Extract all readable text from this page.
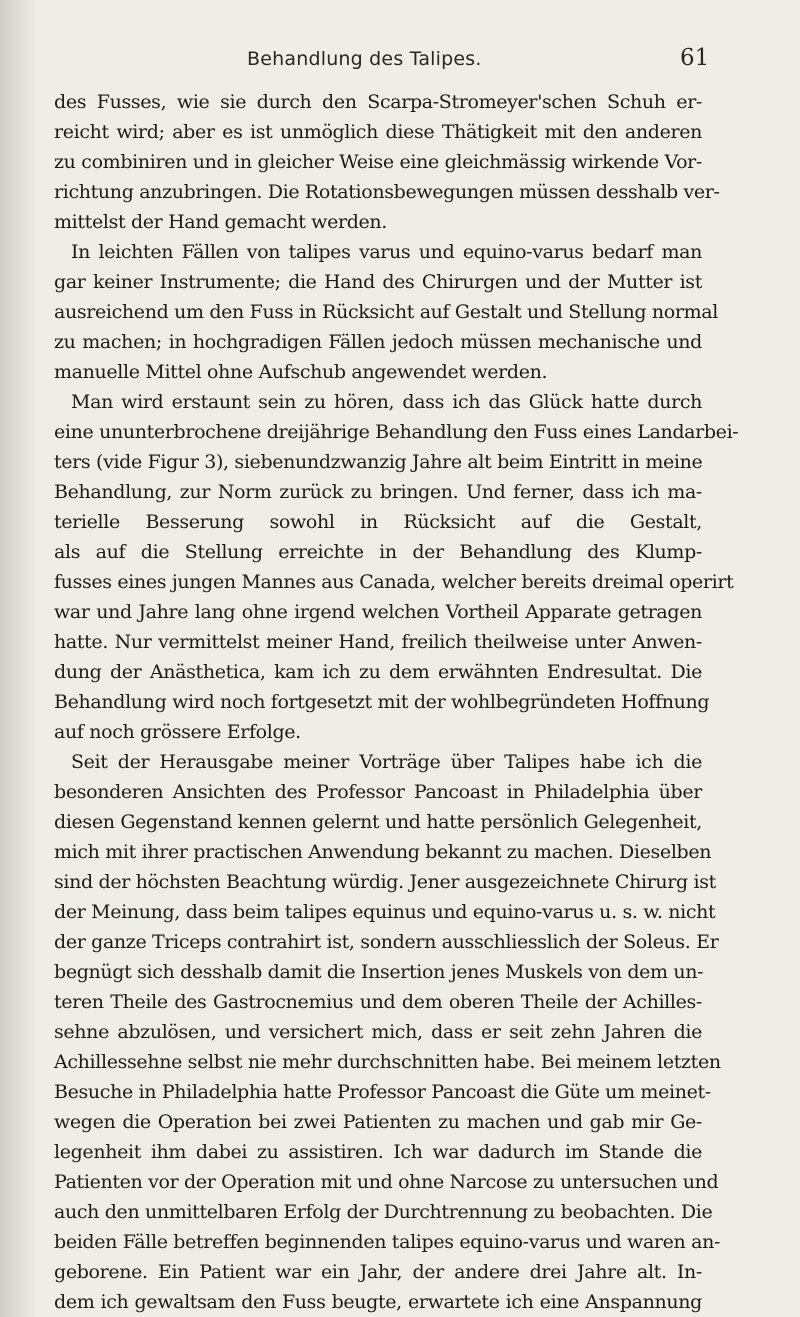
Behandlung des Talipes.	61
des Fusses, wie sie durch den Scarpa-Stromeyer'schen Schuh er-
reicht wird; aber es ist unmöglich diese Thätigkeit mit den anderen
zu combiniren und in gleicher Weise eine gleichmässig wirkende Vor-
richtung anzubringen. Die Rotationsbewegungen müssen desshalb ver-
mittelst der Hand gemacht werden.
In leichten Fällen von talipes varus und equino-varus bedarf man
gar keiner Instrumente; die Hand des Chirurgen und der Mutter ist
ausreichend um den Fuss in Rücksicht auf Gestalt und Stellung normal
zu machen; in hochgradigen Fällen jedoch müssen mechanische und
manuelle Mittel ohne Aufschub angewendet werden.
Man wird erstaunt sein zu hören, dass ich das Glück hatte durch
eine ununterbrochene dreijährige Behandlung den Fuss eines Landarbei-
ters (vide Figur 3), siebenundzwanzig Jahre alt beim Eintritt in meine
Behandlung, zur Norm zurück zu bringen. Und ferner, dass ich ma-
terielle Besserung sowohl in Rücksicht auf die Gestalt,
als auf die Stellung erreichte in der Behandlung des Klump-
fusses eines jungen Mannes aus Canada, welcher bereits dreimal operirt
war und Jahre lang ohne irgend welchen Vortheil Apparate getragen
hatte. Nur vermittelst meiner Hand, freilich theilweise unter Anwen-
dung der Anästhetica, kam ich zu dem erwähnten Endresultat. Die
Behandlung wird noch fortgesetzt mit der wohlbegründeten Hoffnung
auf noch grössere Erfolge.
Seit der Herausgabe meiner Vorträge über Talipes habe ich die
besonderen Ansichten des Professor Pancoast in Philadelphia über
diesen Gegenstand kennen gelernt und hatte persönlich Gelegenheit,
mich mit ihrer practischen Anwendung bekannt zu machen. Dieselben
sind der höchsten Beachtung würdig. Jener ausgezeichnete Chirurg ist
der Meinung, dass beim talipes equinus und equino-varus u. s. w. nicht
der ganze Triceps contrahirt ist, sondern ausschliesslich der Soleus. Er
begnügt sich desshalb damit die Insertion jenes Muskels von dem un-
teren Theile des Gastrocnemius und dem oberen Theile der Achilles-
sehne abzulösen, und versichert mich, dass er seit zehn Jahren die
Achillessehne selbst nie mehr durchschnitten habe. Bei meinem letzten
Besuche in Philadelphia hatte Professor Pancoast die Güte um meinet-
wegen die Operation bei zwei Patienten zu machen und gab mir Ge-
legenheit ihm dabei zu assistiren. Ich war dadurch im Stande die
Patienten vor der Operation mit und ohne Narcose zu untersuchen und
auch den unmittelbaren Erfolg der Durchtrennung zu beobachten. Die
beiden Fälle betreffen beginnenden talipes equino-varus und waren an-
geborene. Ein Patient war ein Jahr, der andere drei Jahre alt. In-
dem ich gewaltsam den Fuss beugte, erwartete ich eine Anspannung
